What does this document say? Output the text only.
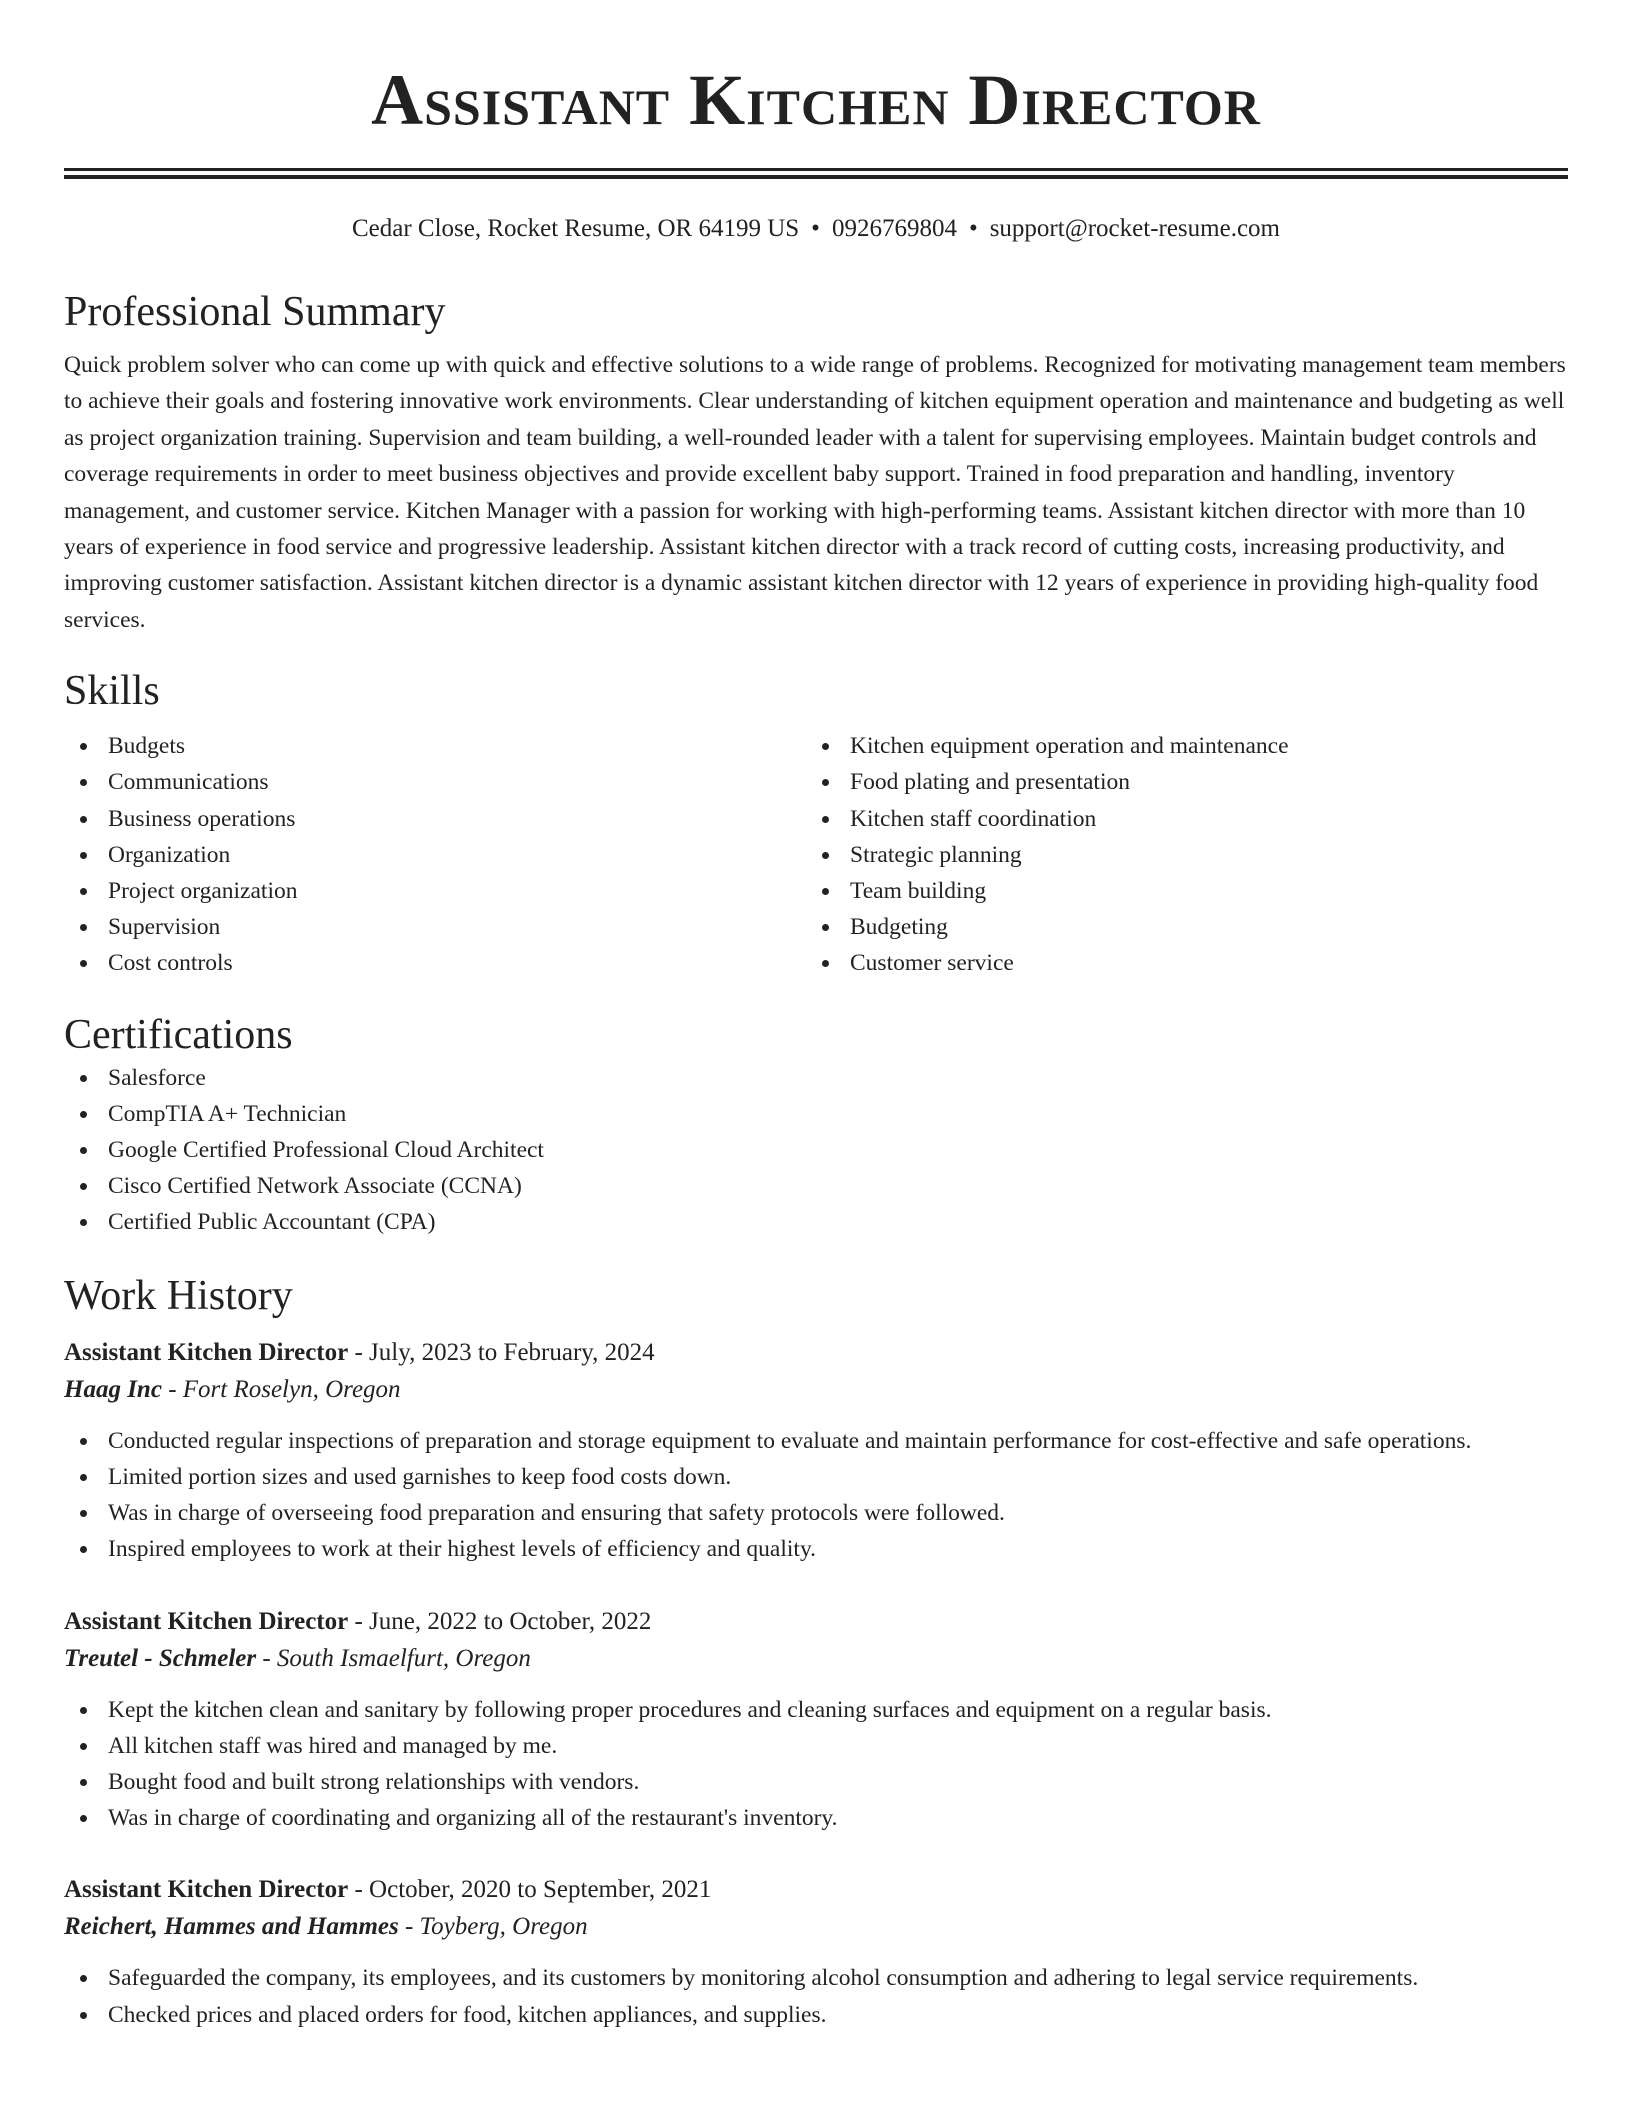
Assistant Kitchen Director
Cedar Close, Rocket Resume, OR 64199 US • 0926769804 • support@rocket-resume.com
Professional Summary

Quick problem solver who can come up with quick and effective solutions to a wide range of problems. Recognized for motivating management team members to achieve their goals and fostering innovative work environments. Clear understanding of kitchen equipment operation and maintenance and budgeting as well as project organization training. Supervision and team building, a well-rounded leader with a talent for supervising employees. Maintain budget controls and coverage requirements in order to meet business objectives and provide excellent baby support. Trained in food preparation and handling, inventory management, and customer service. Kitchen Manager with a passion for working with high-performing teams. Assistant kitchen director with more than 10 years of experience in food service and progressive leadership. Assistant kitchen director with a track record of cutting costs, increasing productivity, and improving customer satisfaction. Assistant kitchen director is a dynamic assistant kitchen director with 12 years of experience in providing high-quality food services.

Skills
Budgets
Communications
Business operations
Organization
Project organization
Supervision
Cost controls
Kitchen equipment operation and maintenance
Food plating and presentation
Kitchen staff coordination
Strategic planning
Team building
Budgeting
Customer service
Certifications
Salesforce
CompTIA A+ Technician
Google Certified Professional Cloud Architect
Cisco Certified Network Associate (CCNA)
Certified Public Accountant (CPA)
Work History
Assistant Kitchen Director - July, 2023 to February, 2024
Haag Inc - Fort Roselyn, Oregon
Conducted regular inspections of preparation and storage equipment to evaluate and maintain performance for cost-effective and safe operations.
Limited portion sizes and used garnishes to keep food costs down.
Was in charge of overseeing food preparation and ensuring that safety protocols were followed.
Inspired employees to work at their highest levels of efficiency and quality.
Assistant Kitchen Director - June, 2022 to October, 2022
Treutel - Schmeler - South Ismaelfurt, Oregon
Kept the kitchen clean and sanitary by following proper procedures and cleaning surfaces and equipment on a regular basis.
All kitchen staff was hired and managed by me.
Bought food and built strong relationships with vendors.
Was in charge of coordinating and organizing all of the restaurant's inventory.
Assistant Kitchen Director - October, 2020 to September, 2021
Reichert, Hammes and Hammes - Toyberg, Oregon
Safeguarded the company, its employees, and its customers by monitoring alcohol consumption and adhering to legal service requirements.
Checked prices and placed orders for food, kitchen appliances, and supplies.
